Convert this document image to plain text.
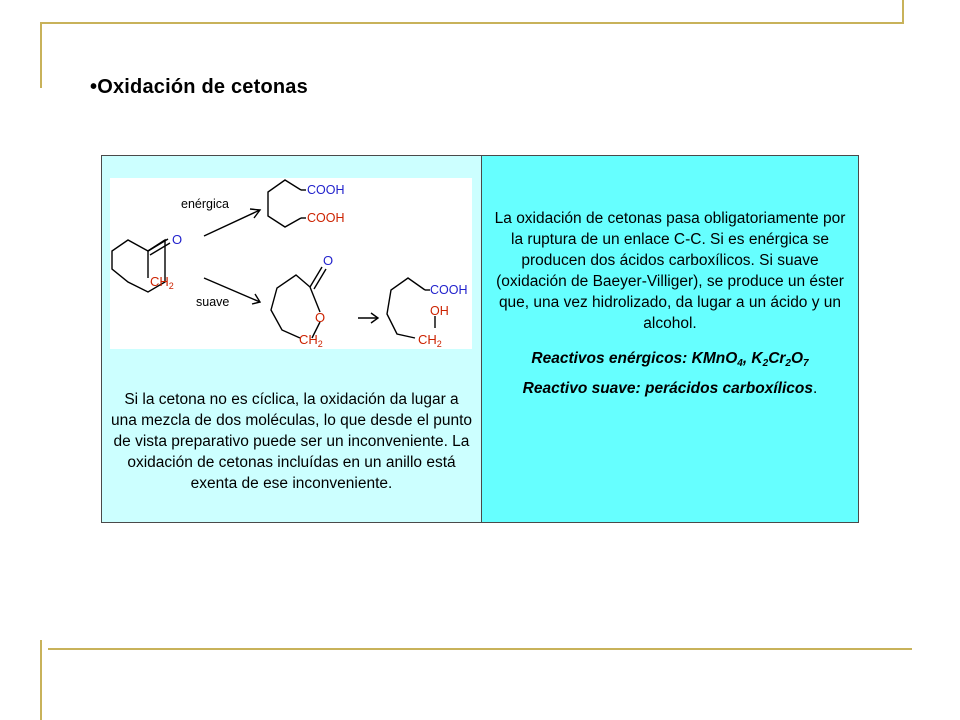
•Oxidación de cetonas
enérgica
suave
O
$CH_2$
COOH
COOH
O
O
$CH_2$
COOH
OH
$CH_2$
Si la cetona no es cíclica, la oxidación da lugar a una mezcla de dos moléculas, lo que desde el punto de vista preparativo puede ser un inconveniente. La oxidación de cetonas incluídas en un anillo está exenta de ese inconveniente.
La oxidación de cetonas pasa obligatoriamente por la ruptura de un enlace C-C. Si es enérgica se producen dos ácidos carboxílicos. Si suave (oxidación de Baeyer-Villiger), se produce un éster que, una vez hidrolizado, da lugar a un ácido y un alcohol.
Reactivos enérgicos: KMnO$_4$, $K_2Cr_2O_7$
Reactivo suave: perácidos carboxílicos.
